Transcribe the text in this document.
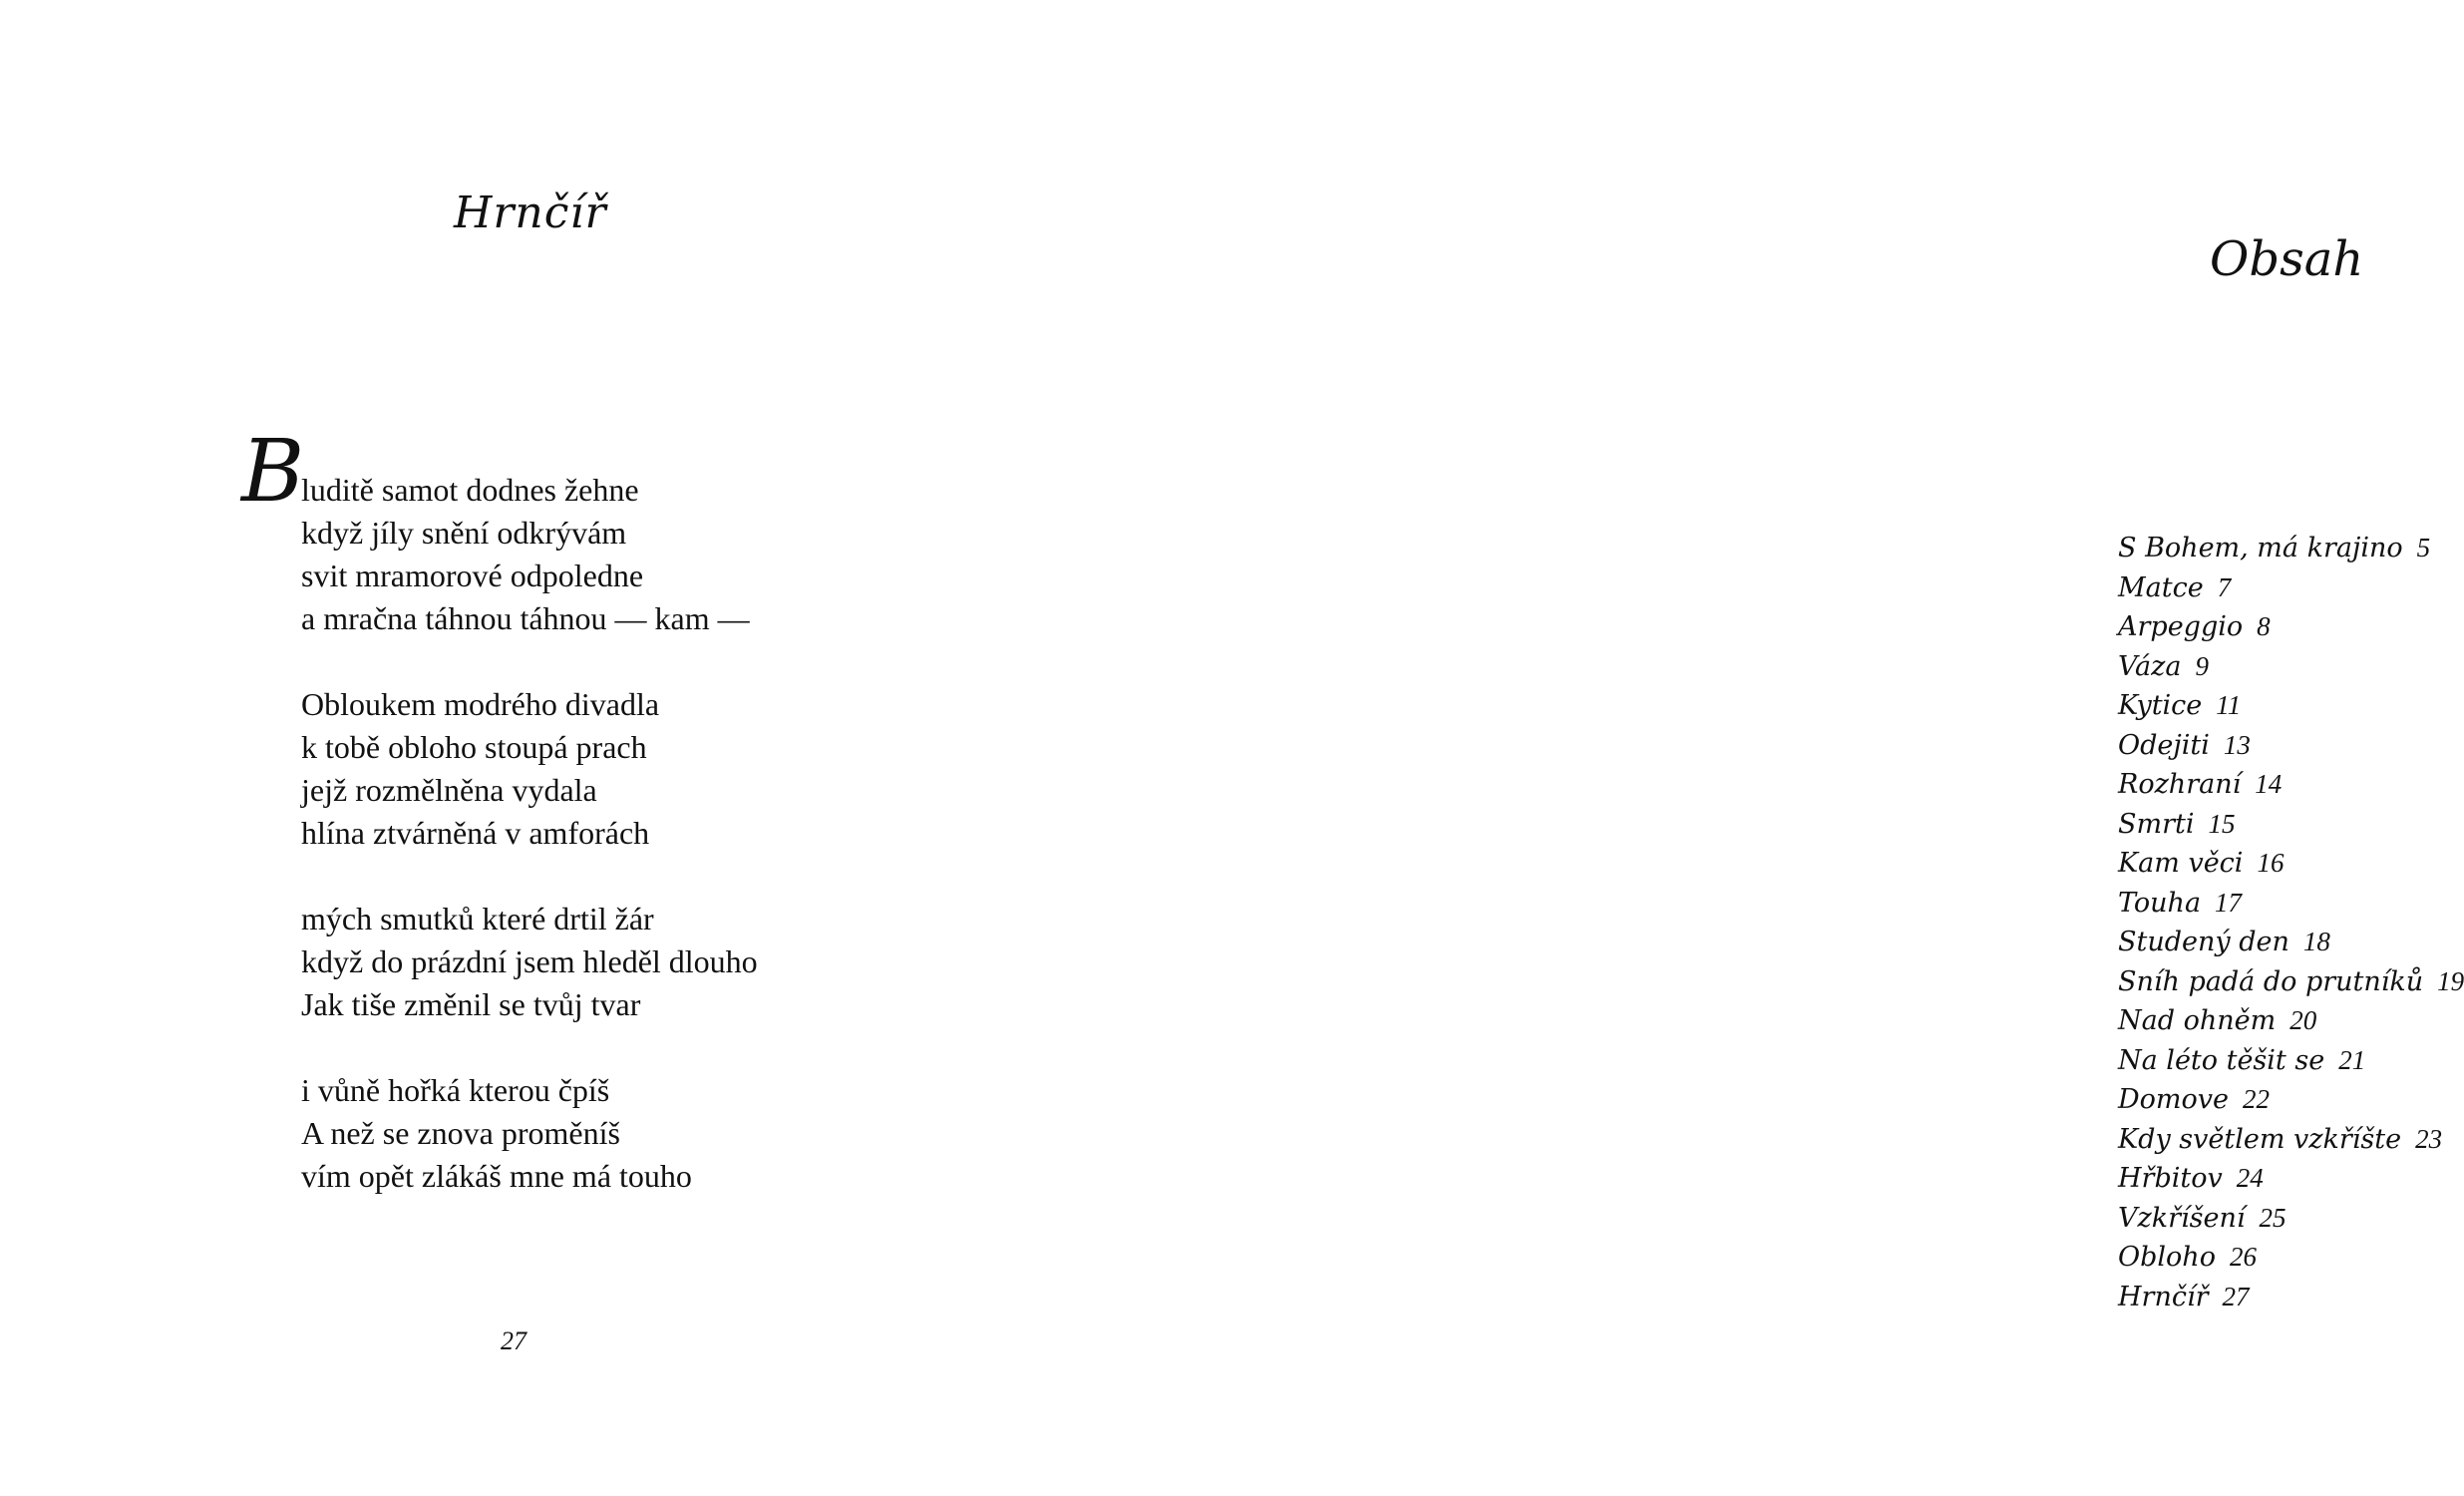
Hrnčíř
B

luditě samot dodnes žehne
když jíly snění odkrývám
svit mramorové odpoledne
a mračna táhnou táhnou — kam —

Obloukem modrého divadla
k tobě obloho stoupá prach
jejž rozmělněna vydala
hlína ztvárněná v amforách

mých smutků které drtil žár
když do prázdní jsem hleděl dlouho
Jak tiše změnil se tvůj tvar

i vůně hořká kterou čpíš
A než se znova proměníš
vím opět zlákáš mne má touho

27
Obsah
S Bohem, má krajino 5
Matce 7
Arpeggio 8
Váza 9
Kytice 11
Odejiti 13
Rozhraní 14
Smrti 15
Kam věci 16
Touha 17
Studený den 18
Sníh padá do prutníků 19
Nad ohněm 20
Na léto těšit se 21
Domove 22
Kdy světlem vzkříšte 23
Hřbitov 24
Vzkříšení 25
Obloho 26
Hrnčíř 27
